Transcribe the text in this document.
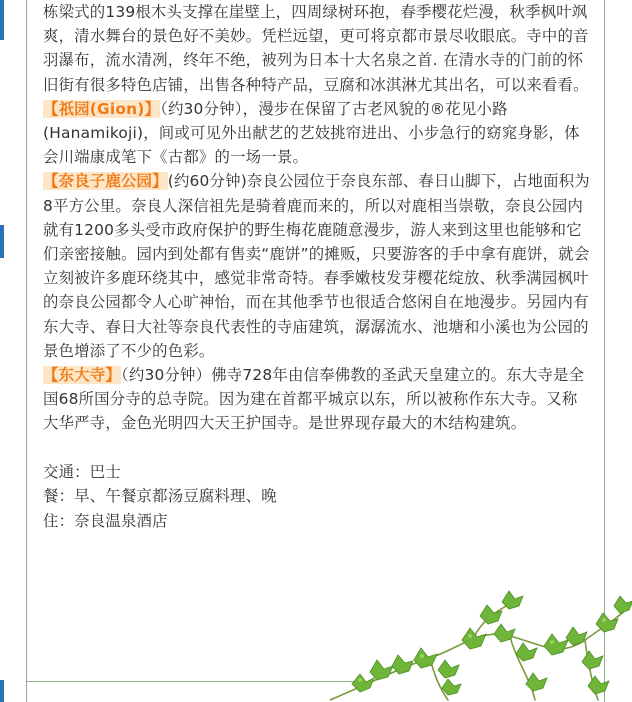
栋梁式的139根木头支撑在崖壁上，四周绿树环抱，春季樱花烂漫，秋季枫叶飒爽，清水舞台的景色好不美妙。凭栏远望，更可将京都市景尽收眼底。寺中的音羽瀑布，流水清冽，终年不绝，被列为日本十大名泉之首. 在清水寺的门前的怀旧街有很多特色店铺，出售各种特产品，豆腐和冰淇淋尤其出名，可以来看看。

【祇园(Gion)】（约30分钟），漫步在保留了古老风貌的®花见小路(Hanamikoji)，间或可见外出献艺的艺妓挑帘进出、小步急行的窈窕身影，体会川端康成笔下《古都》的一场一景。

【奈良子鹿公园】(约60分钟)奈良公园位于奈良东部、春日山脚下，占地面积为8平方公里。奈良人深信祖先是骑着鹿而来的，所以对鹿相当崇敬，奈良公园内就有1200多头受市政府保护的野生梅花鹿随意漫步，游人来到这里也能够和它们亲密接触。园内到处都有售卖“鹿饼”的摊贩，只要游客的手中拿有鹿饼，就会立刻被许多鹿环绕其中，感觉非常奇特。春季嫩枝发芽樱花绽放、秋季满园枫叶的奈良公园都令人心旷神怡，而在其他季节也很适合悠闲自在地漫步。另园内有东大寺、春日大社等奈良代表性的寺庙建筑，潺潺流水、池塘和小溪也为公园的景色增添了不少的色彩。

【东大寺】（约30分钟）佛寺728年由信奉佛教的圣武天皇建立的。东大寺是全国68所国分寺的总寺院。因为建在首都平城京以东，所以被称作东大寺。又称大华严寺，金色光明四大天王护国寺。是世界现存最大的木结构建筑。

交通：巴士

餐：早、午餐京都汤豆腐料理、晚

住：奈良温泉酒店
